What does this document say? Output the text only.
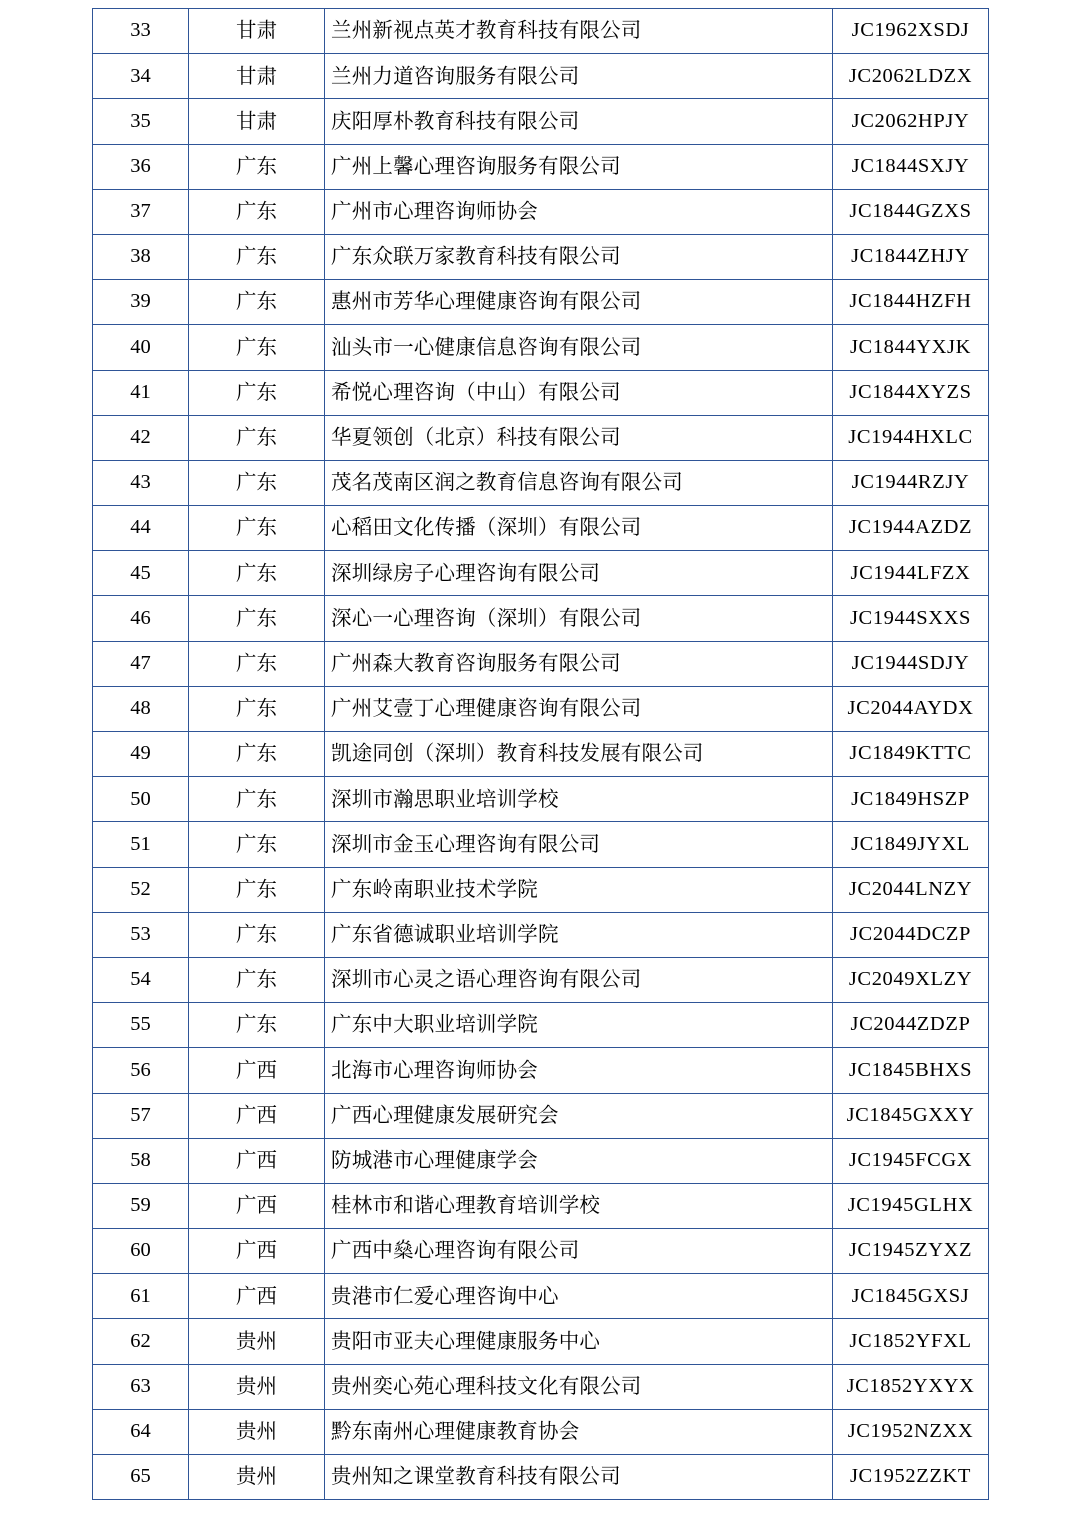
33	甘肃	兰州新视点英才教育科技有限公司	JC1962XSDJ
34	甘肃	兰州力道咨询服务有限公司	JC2062LDZX
35	甘肃	庆阳厚朴教育科技有限公司	JC2062HPJY
36	广东	广州上馨心理咨询服务有限公司	JC1844SXJY
37	广东	广州市心理咨询师协会	JC1844GZXS
38	广东	广东众联万家教育科技有限公司	JC1844ZHJY
39	广东	惠州市芳华心理健康咨询有限公司	JC1844HZFH
40	广东	汕头市一心健康信息咨询有限公司	JC1844YXJK
41	广东	希悦心理咨询（中山）有限公司	JC1844XYZS
42	广东	华夏领创（北京）科技有限公司	JC1944HXLC
43	广东	茂名茂南区润之教育信息咨询有限公司	JC1944RZJY
44	广东	心稻田文化传播（深圳）有限公司	JC1944AZDZ
45	广东	深圳绿房子心理咨询有限公司	JC1944LFZX
46	广东	深心一心理咨询（深圳）有限公司	JC1944SXXS
47	广东	广州森大教育咨询服务有限公司	JC1944SDJY
48	广东	广州艾壹丁心理健康咨询有限公司	JC2044AYDX
49	广东	凯途同创（深圳）教育科技发展有限公司	JC1849KTTC
50	广东	深圳市瀚思职业培训学校	JC1849HSZP
51	广东	深圳市金玉心理咨询有限公司	JC1849JYXL
52	广东	广东岭南职业技术学院	JC2044LNZY
53	广东	广东省德诚职业培训学院	JC2044DCZP
54	广东	深圳市心灵之语心理咨询有限公司	JC2049XLZY
55	广东	广东中大职业培训学院	JC2044ZDZP
56	广西	北海市心理咨询师协会	JC1845BHXS
57	广西	广西心理健康发展研究会	JC1845GXXY
58	广西	防城港市心理健康学会	JC1945FCGX
59	广西	桂林市和谐心理教育培训学校	JC1945GLHX
60	广西	广西中燊心理咨询有限公司	JC1945ZYXZ
61	广西	贵港市仁爱心理咨询中心	JC1845GXSJ
62	贵州	贵阳市亚夫心理健康服务中心	JC1852YFXL
63	贵州	贵州奕心苑心理科技文化有限公司	JC1852YXYX
64	贵州	黔东南州心理健康教育协会	JC1952NZXX
65	贵州	贵州知之课堂教育科技有限公司	JC1952ZZKT
